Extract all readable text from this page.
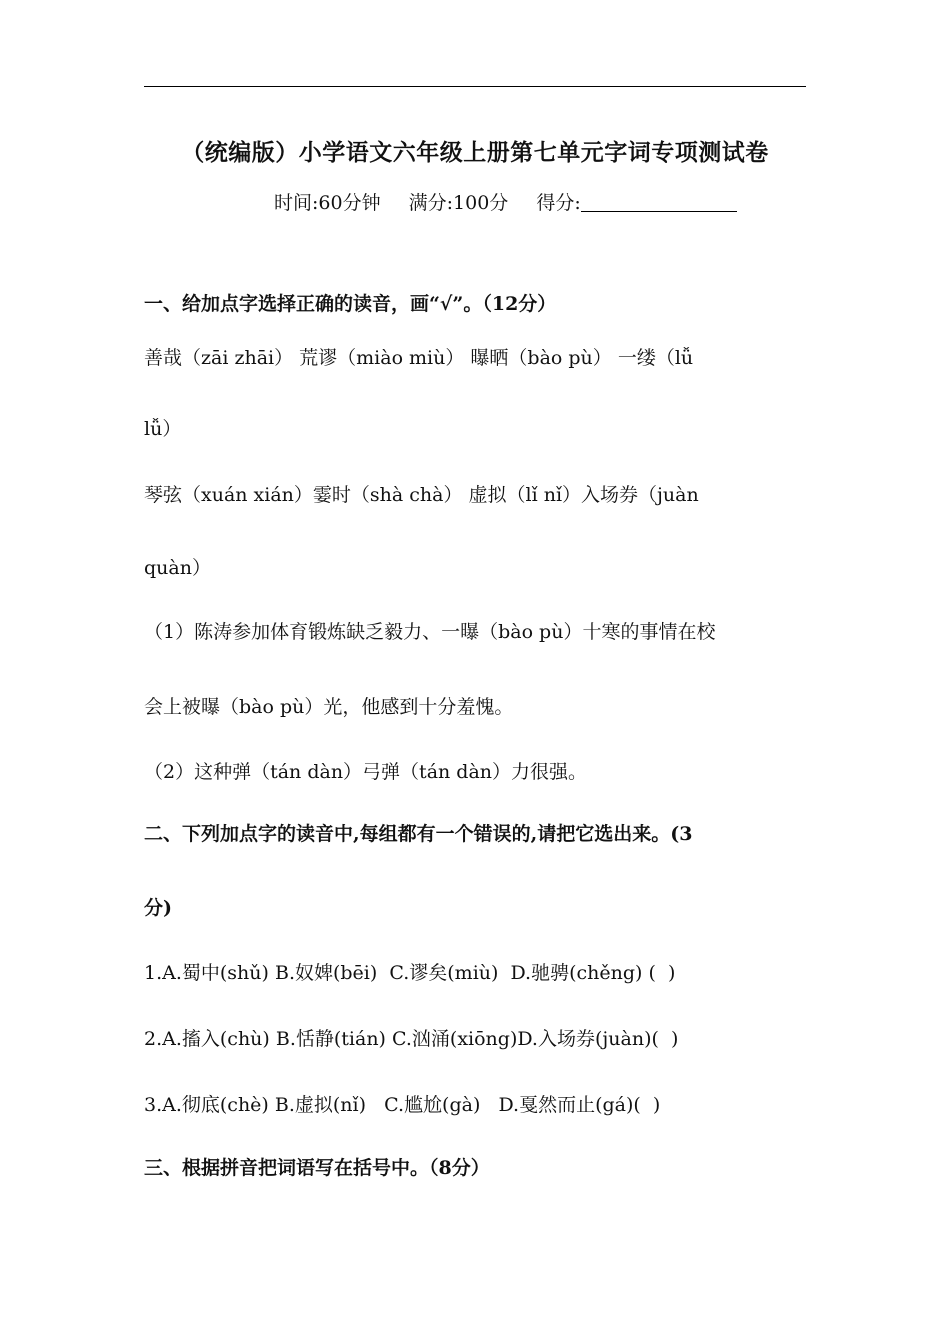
（统编版）小学语文六年级上册第七单元字词专项测试卷
时间:60分钟 满分:100分 得分:
一、给加点字选择正确的读音，画“√”。（12分）
善哉（zāi zhāi） 荒谬（miào miù） 曝晒（bào pù） 一缕（lǚ
lǚ）
琴弦（xuán xián）霎时（shà chà） 虚拟（lǐ nǐ）入场券（juàn
quàn）
（1）陈涛参加体育锻炼缺乏毅力、一曝（bào pù）十寒的事情在校
会上被曝（bào pù）光，他感到十分羞愧。
（2）这种弹（tán dàn）弓弹（tán dàn）力很强。
二、下列加点字的读音中,每组都有一个错误的,请把它选出来。(3
分)
1.A.蜀中(shǔ) B.奴婢(bēi)  C.谬矣(miù)  D.驰骋(chěng) (  )
2.A.搐入(chù) B.恬静(tián) C.汹涌(xiōng)D.入场券(juàn)(  )
3.A.彻底(chè) B.虚拟(nǐ)   C.尴尬(gà)   D.戛然而止(gá)(  )
三、根据拼音把词语写在括号中。（8分）
